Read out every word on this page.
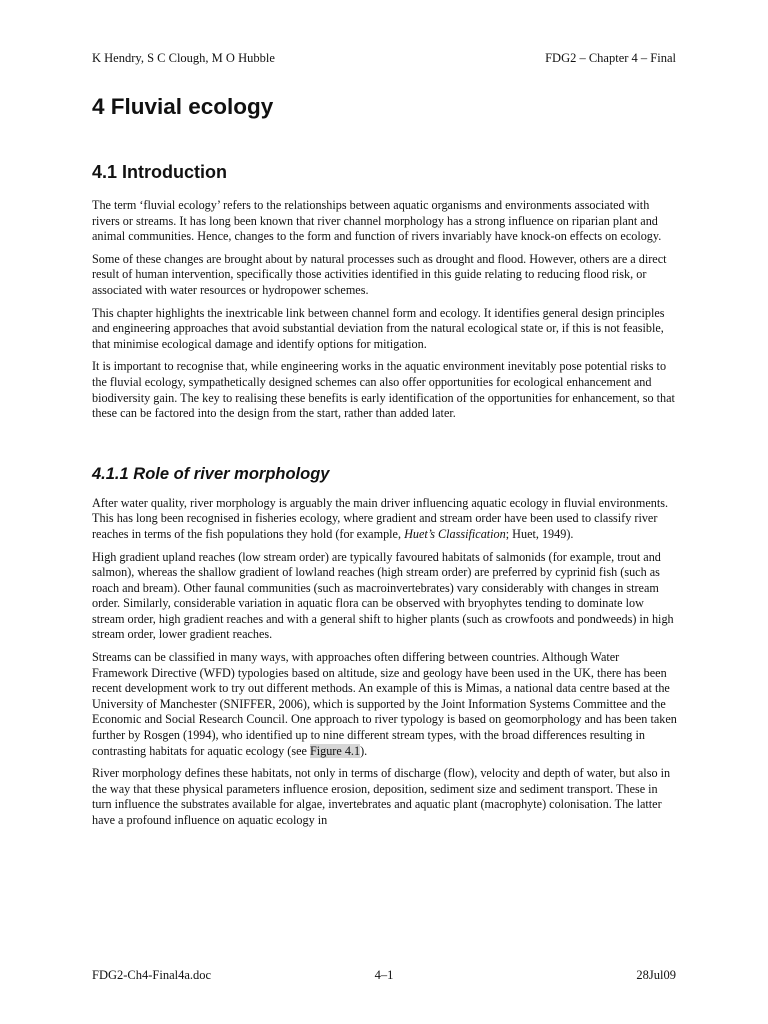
K Hendry, S C Clough, M O Hubble	FDG2 – Chapter 4 – Final
4 Fluvial ecology
4.1 Introduction

The term ‘fluvial ecology’ refers to the relationships between aquatic organisms and environments associated with rivers or streams. It has long been known that river channel morphology has a strong influence on riparian plant and animal communities. Hence, changes to the form and function of rivers invariably have knock-on effects on ecology.

Some of these changes are brought about by natural processes such as drought and flood. However, others are a direct result of human intervention, specifically those activities identified in this guide relating to reducing flood risk, or associated with water resources or hydropower schemes.

This chapter highlights the inextricable link between channel form and ecology. It identifies general design principles and engineering approaches that avoid substantial deviation from the natural ecological state or, if this is not feasible, that minimise ecological damage and identify options for mitigation.

It is important to recognise that, while engineering works in the aquatic environment inevitably pose potential risks to the fluvial ecology, sympathetically designed schemes can also offer opportunities for ecological enhancement and biodiversity gain. The key to realising these benefits is early identification of the opportunities for enhancement, so that these can be factored into the design from the start, rather than added later.

4.1.1 Role of river morphology

After water quality, river morphology is arguably the main driver influencing aquatic ecology in fluvial environments. This has long been recognised in fisheries ecology, where gradient and stream order have been used to classify river reaches in terms of the fish populations they hold (for example, Huet’s Classification; Huet, 1949).

High gradient upland reaches (low stream order) are typically favoured habitats of salmonids (for example, trout and salmon), whereas the shallow gradient of lowland reaches (high stream order) are preferred by cyprinid fish (such as roach and bream). Other faunal communities (such as macroinvertebrates) vary considerably with changes in stream order. Similarly, considerable variation in aquatic flora can be observed with bryophytes tending to dominate low stream order, high gradient reaches and with a general shift to higher plants (such as crowfoots and pondweeds) in high stream order, lower gradient reaches.

Streams can be classified in many ways, with approaches often differing between countries. Although Water Framework Directive (WFD) typologies based on altitude, size and geology have been used in the UK, there has been recent development work to try out different methods. An example of this is Mimas, a national data centre based at the University of Manchester (SNIFFER, 2006), which is supported by the Joint Information Systems Committee and the Economic and Social Research Council. One approach to river typology is based on geomorphology and has been taken further by Rosgen (1994), who identified up to nine different stream types, with the broad differences resulting in contrasting habitats for aquatic ecology (see Figure 4.1).

River morphology defines these habitats, not only in terms of discharge (flow), velocity and depth of water, but also in the way that these physical parameters influence erosion, deposition, sediment size and sediment transport. These in turn influence the substrates available for algae, invertebrates and aquatic plant (macrophyte) colonisation. The latter have a profound influence on aquatic ecology in

FDG2-Ch4-Final4a.doc	4–1	28Jul09
